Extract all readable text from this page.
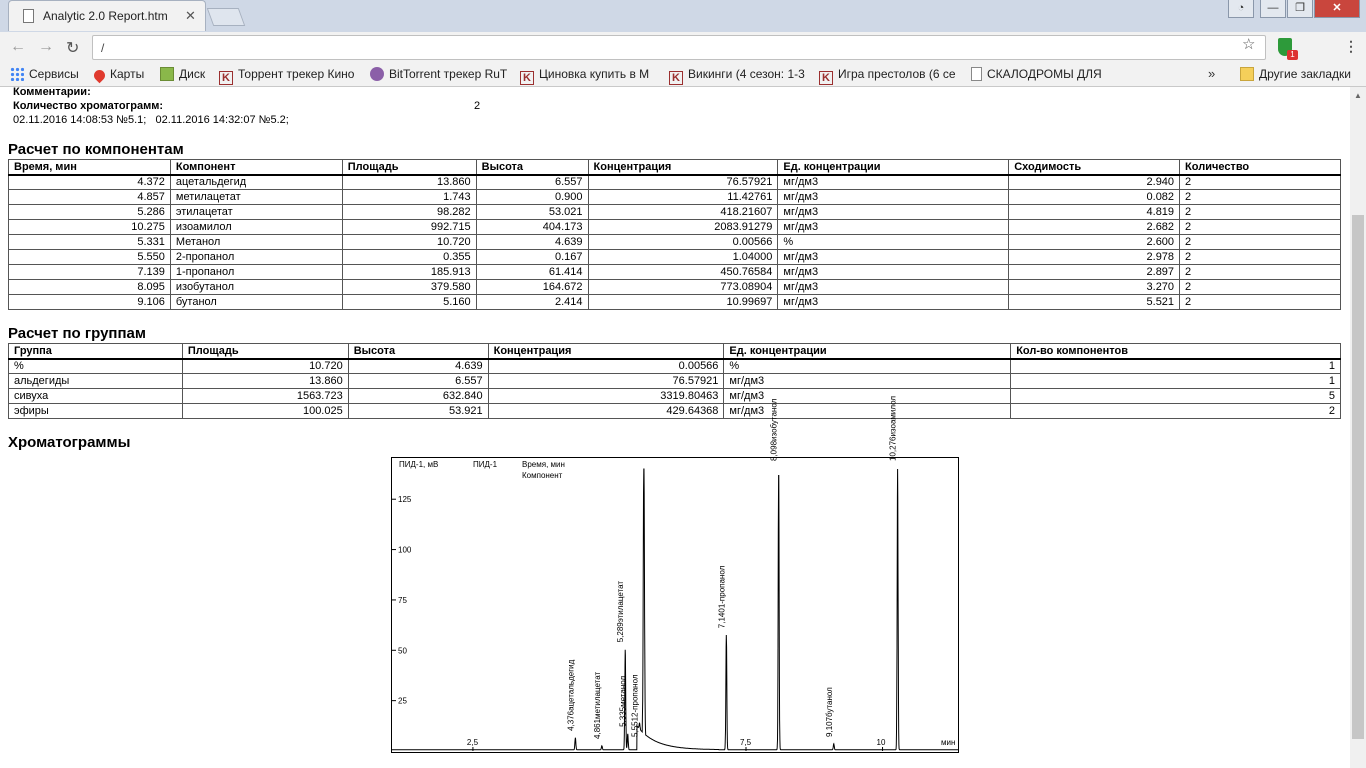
Analytic 2.0 Report.htm ✕	◔	—	❐	✕
← → ↻ /	☆
1
⋮
Сервисы	Карты	Диск	K Торрент трекер Кино	BitTorrent трекер RuT K Циновка купить в М	K Викинги (4 сезон: 1-3 K Игра престолов (6 се	СКАЛОДРОМЫ ДЛЯ	»	Другие закладки
Комментарии:
Количество хроматограмм:	2
02.11.2016 14:08:53 №5.1;   02.11.2016 14:32:07 №5.2;
Расчет по компонентам
Время, мин	Компонент	Площадь	Высота	Концентрация	Ед. концентрации	Сходимость	Количество
4.372	ацетальдегид	13.860	6.557	76.57921	мг/дм3	2.940	2
4.857	метилацетат	1.743	0.900	11.42761	мг/дм3	0.082	2
5.286	этилацетат	98.282	53.021	418.21607	мг/дм3	4.819	2
10.275	изоамилол	992.715	404.173	2083.91279	мг/дм3	2.682	2
5.331	Метанол	10.720	4.639	0.00566	%	2.600	2
5.550	2-пропанол	0.355	0.167	1.04000	мг/дм3	2.978	2
7.139	1-пропанол	185.913	61.414	450.76584	мг/дм3	2.897	2
8.095	изобутанол	379.580	164.672	773.08904	мг/дм3	3.270	2
9.106	бутанол	5.160	2.414	10.99697	мг/дм3	5.521	2
Расчет по группам
Группа	Площадь	Высота	Концентрация	Ед. концентрации	Кол-во компонентов
%	10.720	4.639	0.00566	%	1
альдегиды	13.860	6.557	76.57921	мг/дм3	1
сивуха	1563.723	632.840	3319.80463	мг/дм3	5
эфиры	100.025	53.921	429.64368	мг/дм3	2
Хроматограммы
ПИД-1, мВ	ПИД-1	Время, мин
Компонент
25
50
75
100
125
2,5	7,5	10	мин
4,376ацетальдегид 4,861метилацетат
5,289этилацетат
5,335метанол 5,5512-пропанол
7,1401-пропанол
8,098изобутанол
9,107бутанол
10,276изоамилол
▲
